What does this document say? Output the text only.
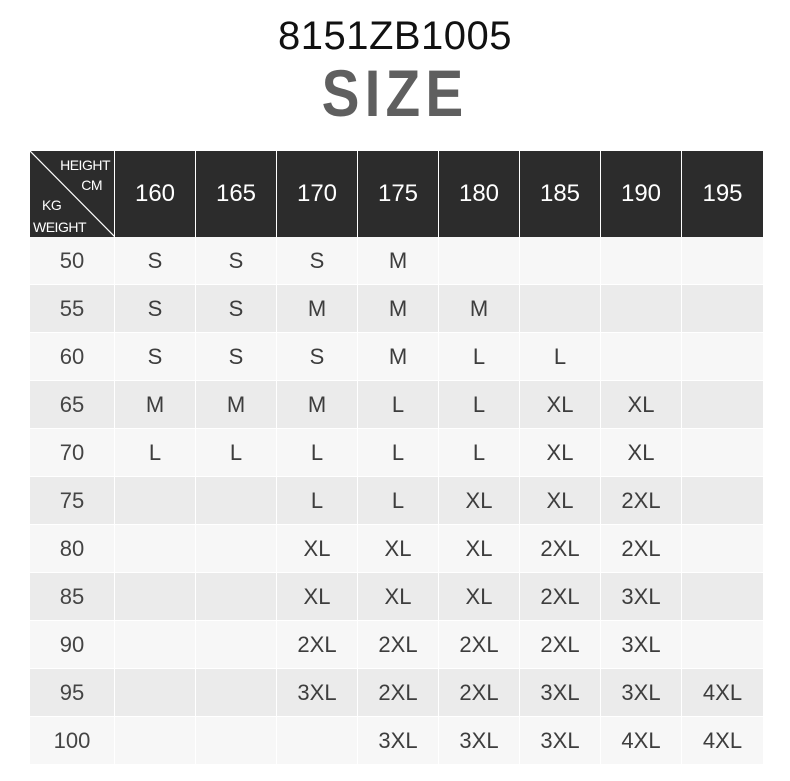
8151ZB1005
SIZE
HEIGHT
CM
KG
WEIGHT	160	165	170	175	180	185	190	195
50	S	S	S	M				
55	S	S	M	M	M			
60	S	S	S	M	L	L		
65	M	M	M	L	L	XL	XL	
70	L	L	L	L	L	XL	XL	
75			L	L	XL	XL	2XL	
80			XL	XL	XL	2XL	2XL	
85			XL	XL	XL	2XL	3XL	
90			2XL	2XL	2XL	2XL	3XL	
95			3XL	2XL	2XL	3XL	3XL	4XL
100				3XL	3XL	3XL	4XL	4XL
